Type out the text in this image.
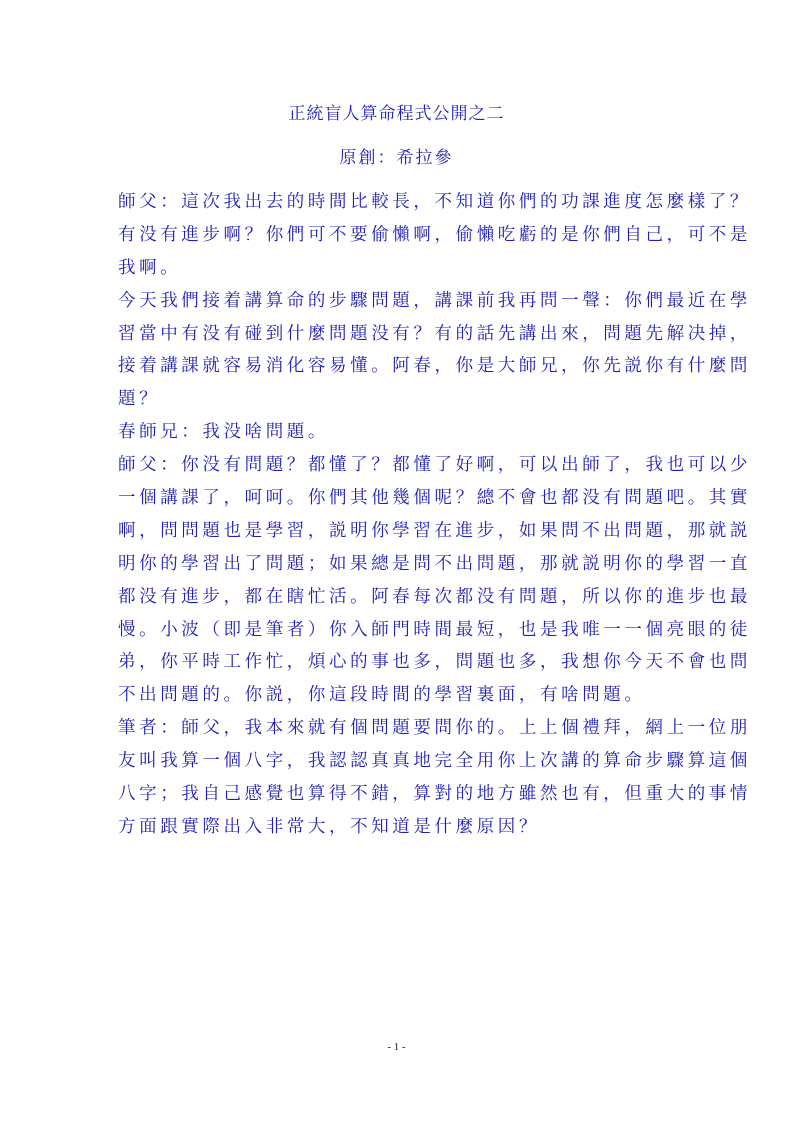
正統盲人算命程式公開之二
原創：希拉參
師父：這次我出去的時間比較長，不知道你們的功課進度怎麼樣了？
有没有進步啊？你們可不要偷懶啊，偷懶吃虧的是你們自己，可不是
我啊。
今天我們接着講算命的步驟問題，講課前我再問一聲：你們最近在學
習當中有没有碰到什麼問題没有？有的話先講出來，問題先解决掉，
接着講課就容易消化容易懂。阿春，你是大師兄，你先説你有什麼問
題？
春師兄：我没啥問題。
師父：你没有問題？都懂了？都懂了好啊，可以出師了，我也可以少
一個講課了，呵呵。你們其他幾個呢？總不會也都没有問題吧。其實
啊，問問題也是學習，説明你學習在進步，如果問不出問題，那就説
明你的學習出了問題；如果總是問不出問題，那就説明你的學習一直
都没有進步，都在瞎忙活。阿春每次都没有問題，所以你的進步也最
慢。小波（即是筆者）你入師門時間最短，也是我唯一一個亮眼的徒
弟，你平時工作忙，煩心的事也多，問題也多，我想你今天不會也問
不出問題的。你説，你這段時間的學習裏面，有啥問題。
筆者：師父，我本來就有個問題要問你的。上上個禮拜，網上一位朋
友叫我算一個八字，我認認真真地完全用你上次講的算命步驟算這個
八字；我自己感覺也算得不錯，算對的地方雖然也有，但重大的事情
方面跟實際出入非常大，不知道是什麼原因？
- 1 -
